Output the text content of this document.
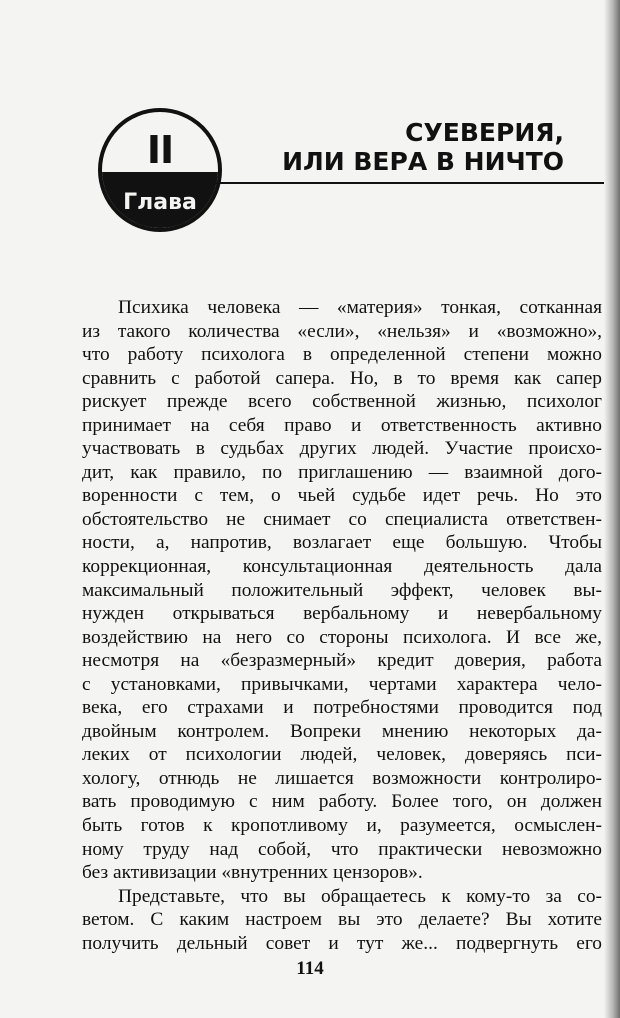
II
Глава
СУЕВЕРИЯ,
ИЛИ ВЕРА В НИЧТО
Психика человека — «материя» тонкая, сотканная
из такого количества «если», «нельзя» и «возможно»,
что работу психолога в определенной степени можно
сравнить с работой сапера. Но, в то время как сапер
рискует прежде всего собственной жизнью, психолог
принимает на себя право и ответственность активно
участвовать в судьбах других людей. Участие происхо-
дит, как правило, по приглашению — взаимной дого-
воренности с тем, о чьей судьбе идет речь. Но это
обстоятельство не снимает со специалиста ответствен-
ности, а, напротив, возлагает еще большую. Чтобы
коррекционная, консультационная деятельность дала
максимальный положительный эффект, человек вы-
нужден открываться вербальному и невербальному
воздействию на него со стороны психолога. И все же,
несмотря на «безразмерный» кредит доверия, работа
с установками, привычками, чертами характера чело-
века, его страхами и потребностями проводится под
двойным контролем. Вопреки мнению некоторых да-
леких от психологии людей, человек, доверяясь пси-
хологу, отнюдь не лишается возможности контролиро-
вать проводимую с ним работу. Более того, он должен
быть готов к кропотливому и, разумеется, осмыслен-
ному труду над собой, что практически невозможно
без активизации «внутренних цензоров».
Представьте, что вы обращаетесь к кому-то за со-
ветом. С каким настроем вы это делаете? Вы хотите
получить дельный совет и тут же... подвергнуть его
114
